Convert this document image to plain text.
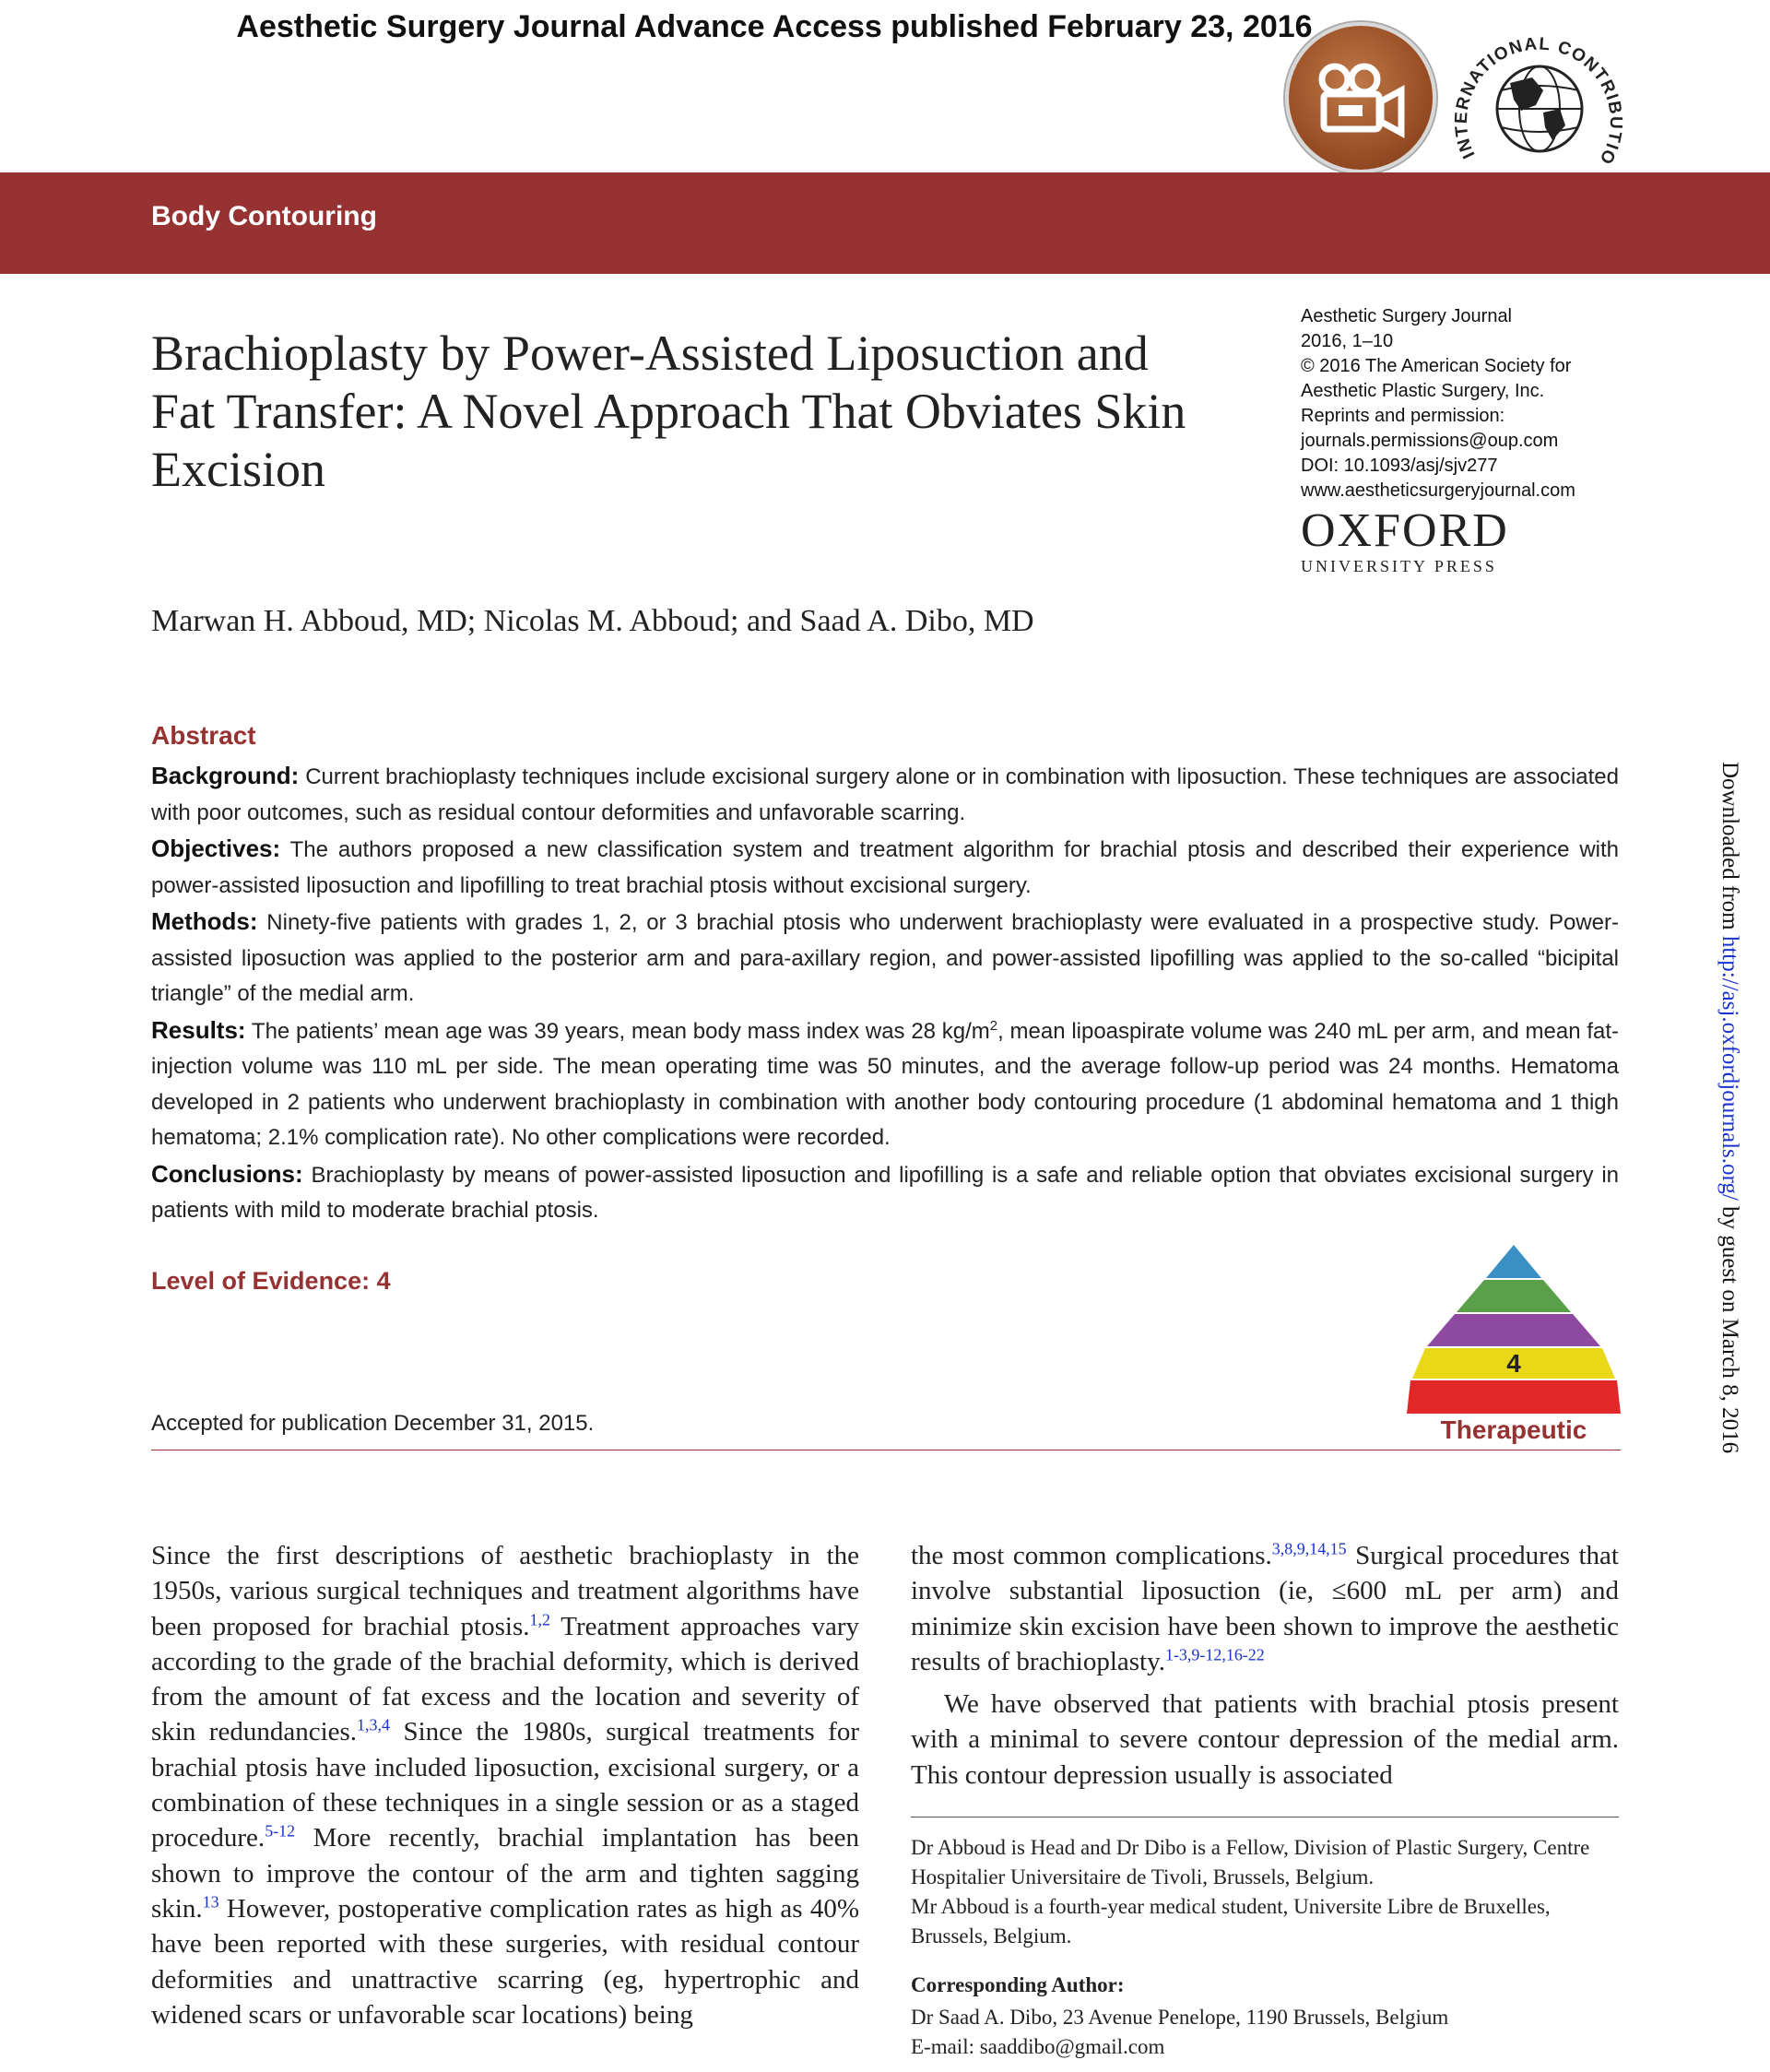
Aesthetic Surgery Journal Advance Access published February 23, 2016
INTERNATIONAL CONTRIBUTIO
Body Contouring
Brachioplasty by Power-Assisted Liposuction and Fat Transfer: A Novel Approach That Obviates Skin Excision
Aesthetic Surgery Journal
2016, 1–10
© 2016 The American Society for
Aesthetic Plastic Surgery, Inc.
Reprints and permission:
journals.permissions@oup.com
DOI: 10.1093/asj/sjv277
www.aestheticsurgeryjournal.com
OXFORD
UNIVERSITY PRESS
Marwan H. Abboud, MD; Nicolas M. Abboud; and Saad A. Dibo, MD
Abstract

Background: Current brachioplasty techniques include excisional surgery alone or in combination with liposuction. These techniques are associated with poor outcomes, such as residual contour deformities and unfavorable scarring.

Objectives: The authors proposed a new classification system and treatment algorithm for brachial ptosis and described their experience with power-assisted liposuction and lipofilling to treat brachial ptosis without excisional surgery.

Methods: Ninety-five patients with grades 1, 2, or 3 brachial ptosis who underwent brachioplasty were evaluated in a prospective study. Power-assisted liposuction was applied to the posterior arm and para-axillary region, and power-assisted lipofilling was applied to the so-called “bicipital triangle” of the medial arm.

Results: The patients’ mean age was 39 years, mean body mass index was 28 $kg/m^2$, mean lipoaspirate volume was 240 mL per arm, and mean fat-injection volume was 110 mL per side. The mean operating time was 50 minutes, and the average follow-up period was 24 months. Hematoma developed in 2 patients who underwent brachioplasty in combination with another body contouring procedure (1 abdominal hematoma and 1 thigh hematoma; 2.1% complication rate). No other complications were recorded.

Conclusions: Brachioplasty by means of power-assisted liposuction and lipofilling is a safe and reliable option that obviates excisional surgery in patients with mild to moderate brachial ptosis.

Level of Evidence: 4
4
Therapeutic
Accepted for publication December 31, 2015.
Since the first descriptions of aesthetic brachioplasty in the 1950s, various surgical techniques and treatment algorithms have been proposed for brachial ptosis.$^{1,2}$ Treatment approaches vary according to the grade of the brachial deformity, which is derived from the amount of fat excess and the location and severity of skin redundancies.$^{1,3,4}$ Since the 1980s, surgical treatments for brachial ptosis have included liposuction, excisional surgery, or a combination of these techniques in a single session or as a staged procedure.$^{5-12}$ More recently, brachial implantation has been shown to improve the contour of the arm and tighten sagging skin.$^{13}$ However, postoperative complication rates as high as 40% have been reported with these surgeries, with residual contour deformities and unattractive scarring (eg, hypertrophic and widened scars or unfavorable scar locations) being

the most common complications.$^{3,8,9,14,15}$ Surgical procedures that involve substantial liposuction (ie, ≤600 mL per arm) and minimize skin excision have been shown to improve the aesthetic results of brachioplasty.$^{1-3,9-12,16-22}$

We have observed that patients with brachial ptosis present with a minimal to severe contour depression of the medial arm. This contour depression usually is associated

Dr Abboud is Head and Dr Dibo is a Fellow, Division of Plastic Surgery, Centre Hospitalier Universitaire de Tivoli, Brussels, Belgium.
Mr Abboud is a fourth-year medical student, Universite Libre de Bruxelles, Brussels, Belgium.
Corresponding Author:
Dr Saad A. Dibo, 23 Avenue Penelope, 1190 Brussels, Belgium
E-mail: saaddibo@gmail.com
Downloaded from http://asj.oxfordjournals.org/ by guest on March 8, 2016
